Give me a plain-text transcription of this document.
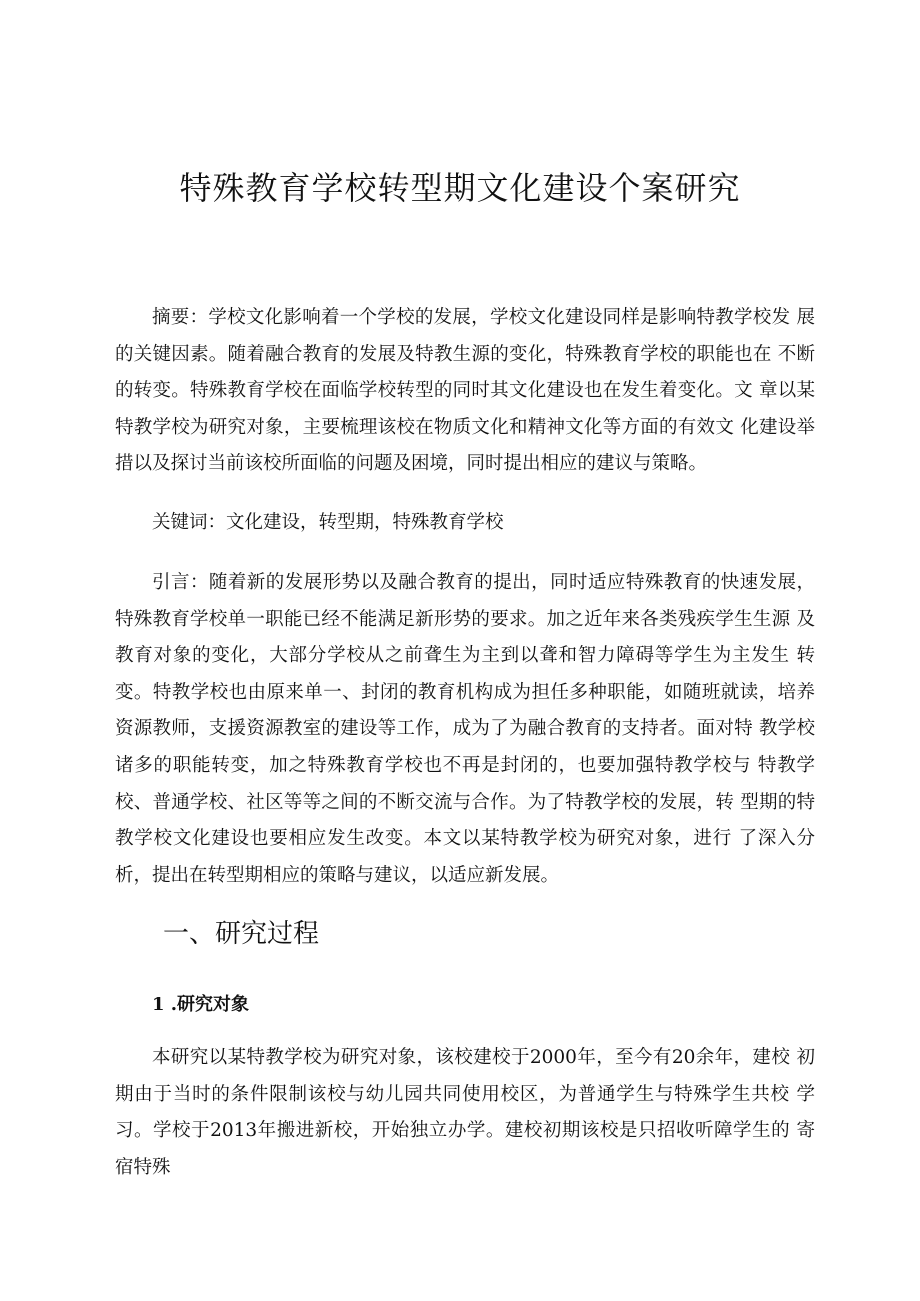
特殊教育学校转型期文化建设个案研究

摘要：学校文化影响着一个学校的发展，学校文化建设同样是影响特教学校发 展的关键因素。随着融合教育的发展及特教生源的变化，特殊教育学校的职能也在 不断的转变。特殊教育学校在面临学校转型的同时其文化建设也在发生着变化。文 章以某特教学校为研究对象，主要梳理该校在物质文化和精神文化等方面的有效文 化建设举措以及探讨当前该校所面临的问题及困境，同时提出相应的建议与策略。

关键词：文化建设，转型期，特殊教育学校

引言：随着新的发展形势以及融合教育的提出，同时适应特殊教育的快速发展，特殊教育学校单一职能已经不能满足新形势的要求。加之近年来各类残疾学生生源 及教育对象的变化，大部分学校从之前聋生为主到以聋和智力障碍等学生为主发生 转变。特教学校也由原来单一、封闭的教育机构成为担任多种职能，如随班就读，培养资源教师，支援资源教室的建设等工作，成为了为融合教育的支持者。面对特 教学校诸多的职能转变，加之特殊教育学校也不再是封闭的，也要加强特教学校与 特教学校、普通学校、社区等等之间的不断交流与合作。为了特教学校的发展，转 型期的特教学校文化建设也要相应发生改变。本文以某特教学校为研究对象，进行 了深入分析，提出在转型期相应的策略与建议，以适应新发展。

一、研究过程
1 .研究对象

本研究以某特教学校为研究对象，该校建校于2000年，至今有20余年，建校 初期由于当时的条件限制该校与幼儿园共同使用校区，为普通学生与特殊学生共校 学习。学校于2013年搬进新校，开始独立办学。建校初期该校是只招收听障学生的 寄宿特殊
